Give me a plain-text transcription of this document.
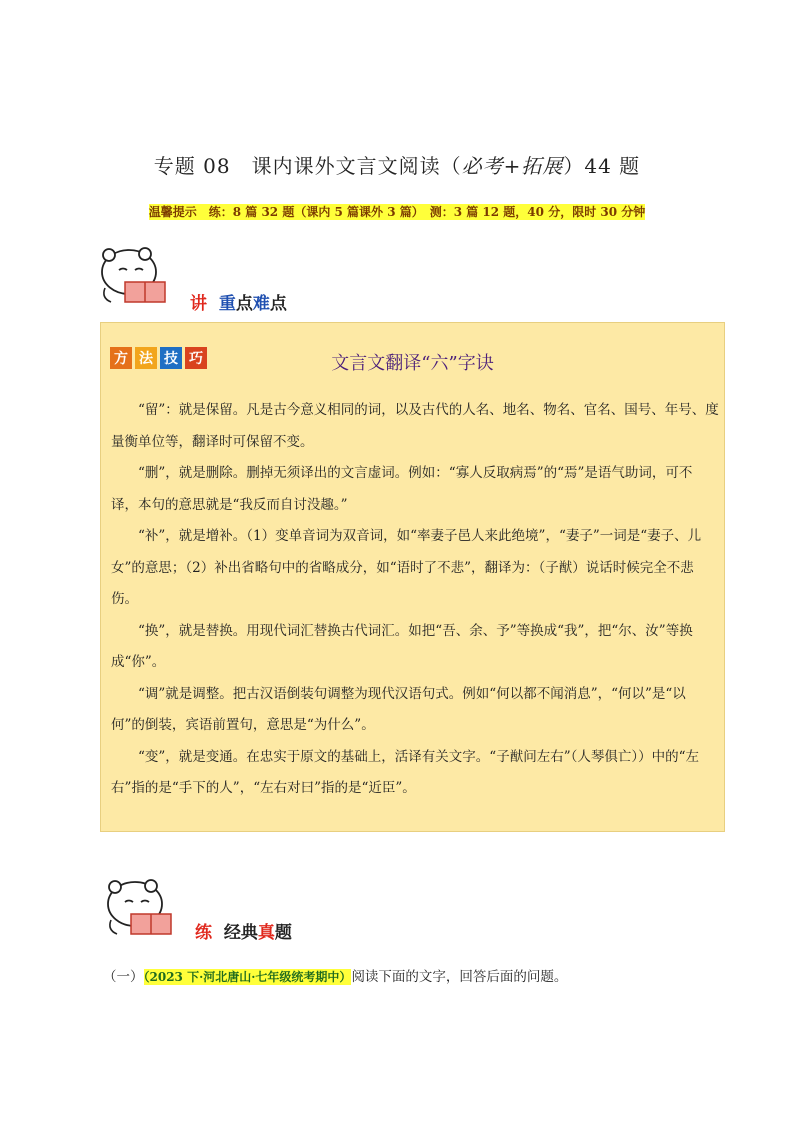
专题 08　课内课外文言文阅读（必考+拓展）44 题
温馨提示　练：8 篇 32 题（课内 5 篇课外 3 篇）　测：3 篇 12 题，40 分，限时 30 分钟
讲 重点难点
方 法 技 巧	文言文翻译“六”字诀

“留”：就是保留。凡是古今意义相同的词，以及古代的人名、地名、物名、官名、国号、年号、度量衡单位等，翻译时可保留不变。

“删”，就是删除。删掉无须译出的文言虚词。例如：“寡人反取病焉”的“焉”是语气助词，可不译，本句的意思就是“我反而自讨没趣。”

“补”，就是增补。（1）变单音词为双音词，如“率妻子邑人来此绝境”，“妻子”一词是“妻子、儿女”的意思；（2）补出省略句中的省略成分，如“语时了不悲”，翻译为：（子猷）说话时候完全不悲伤。

“换”，就是替换。用现代词汇替换古代词汇。如把“吾、余、予”等换成“我”，把“尔、汝”等换成“你”。

“调”就是调整。把古汉语倒装句调整为现代汉语句式。例如“何以都不闻消息”，“何以”是“以何”的倒装，宾语前置句，意思是“为什么”。

“变”，就是变通。在忠实于原文的基础上，活译有关文字。“子猷问左右”（人琴俱亡））中的“左右”指的是“手下的人”，“左右对曰”指的是“近臣”。

练 经典真题
（一）（2023 下·河北唐山·七年级统考期中）阅读下面的文字，回答后面的问题。
